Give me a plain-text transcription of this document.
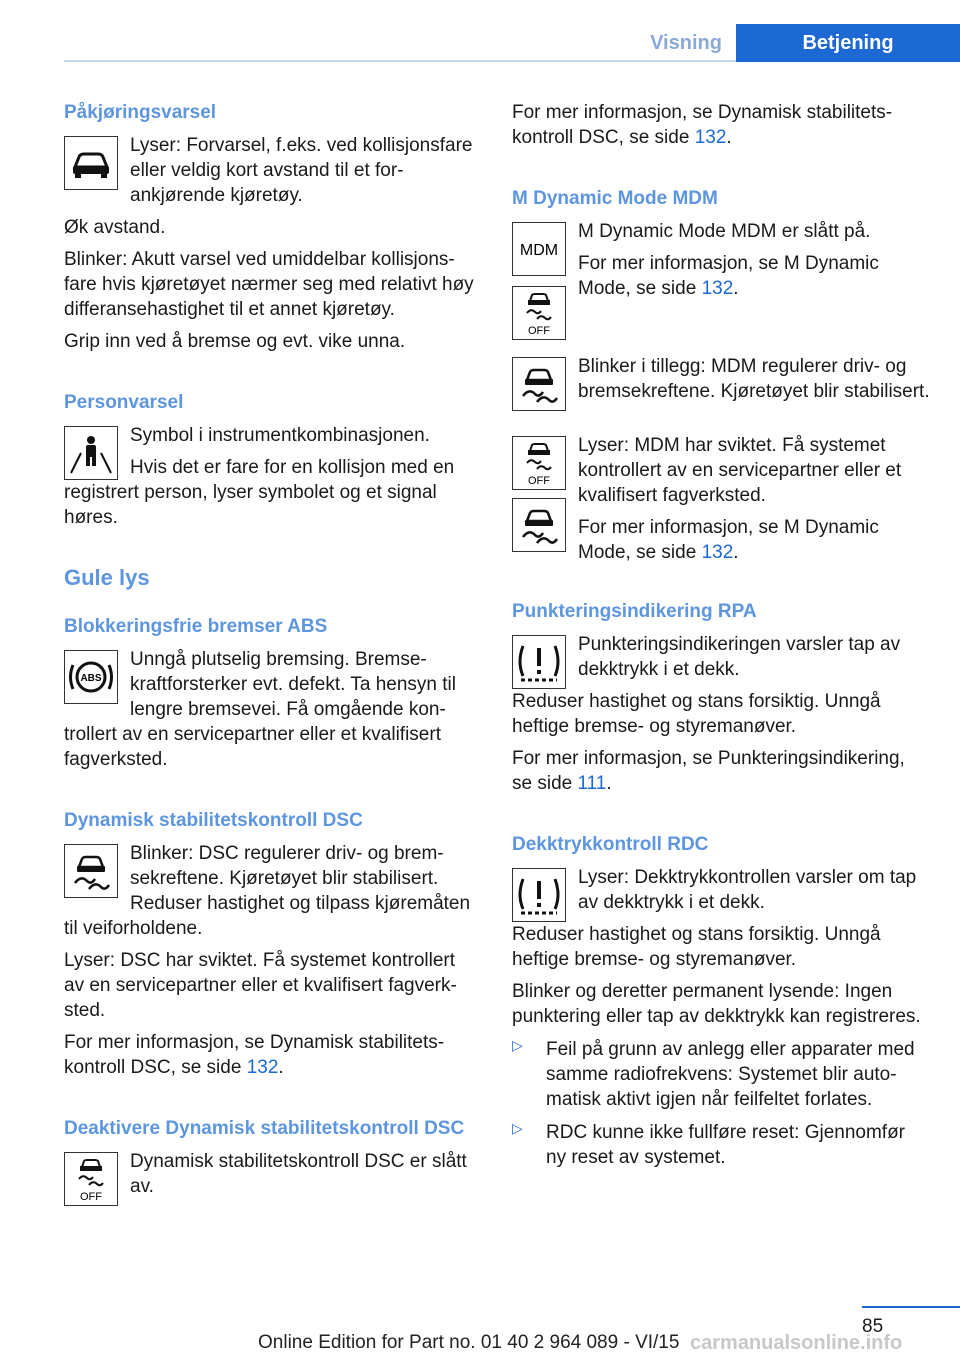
Visning	Betjening
Påkjøringsvarsel

Lyser: Forvarsel, f.eks. ved kollisjonsfare eller veldig kort avstand til et forankjørende kjøretøy.

Øk avstand.

Blinker: Akutt varsel ved umiddelbar kollisjonsfare hvis kjøretøyet nærmer seg med relativt høy differansehastighet til et annet kjøretøy.

Grip inn ved å bremse og evt. vike unna.

Personvarsel

Symbol i instrumentkombinasjonen.

Hvis det er fare for en kollisjon med en registrert person, lyser symbolet og et signal høres.

Gule lys
Blokkeringsfrie bremser ABS
ABS

Unngå plutselig bremsing. Bremsekraftforsterker evt. defekt. Ta hensyn til lengre bremsevei. Få omgående kontrollert av en servicepartner eller et kvalifisert fagverksted.

Dynamisk stabilitetskontroll DSC

Blinker: DSC regulerer driv- og bremsekreftene. Kjøretøyet blir stabilisert. Reduser hastighet og tilpass kjøremåten til veiforholdene.

Lyser: DSC har sviktet. Få systemet kontrollert av en servicepartner eller et kvalifisert fagverksted.

For mer informasjon, se Dynamisk stabilitetskontroll DSC, se side 132.

Deaktivere Dynamisk stabilitetskontroll DSC
OFF

Dynamisk stabilitetskontroll DSC er slått av.

For mer informasjon, se Dynamisk stabilitetskontroll DSC, se side 132.

M Dynamic Mode MDM
MDM
OFF

M Dynamic Mode MDM er slått på.

For mer informasjon, se M Dynamic Mode, se side 132.

Blinker i tillegg: MDM regulerer driv- og bremsekreftene. Kjøretøyet blir stabilisert.

OFF

Lyser: MDM har sviktet. Få systemet kontrollert av en servicepartner eller et kvalifisert fagverksted.

For mer informasjon, se M Dynamic Mode, se side 132.

Punkteringsindikering RPA

Punkteringsindikeringen varsler tap av dekktrykk i et dekk.

Reduser hastighet og stans forsiktig. Unngå heftige bremse- og styremanøver.

For mer informasjon, se Punkteringsindikering, se side 111.

Dekktrykkontroll RDC

Lyser: Dekktrykkontrollen varsler om tap av dekktrykk i et dekk.

Reduser hastighet og stans forsiktig. Unngå heftige bremse- og styremanøver.

Blinker og deretter permanent lysende: Ingen punktering eller tap av dekktrykk kan registreres.

▷ Feil på grunn av anlegg eller apparater med samme radiofrekvens: Systemet blir automatisk aktivt igjen når feilfeltet forlates.

▷ RDC kunne ikke fullføre reset: Gjennomfør ny reset av systemet.

85
Online Edition for Part no. 01 40 2 964 089 - VI/15 carmanualsonline.info
